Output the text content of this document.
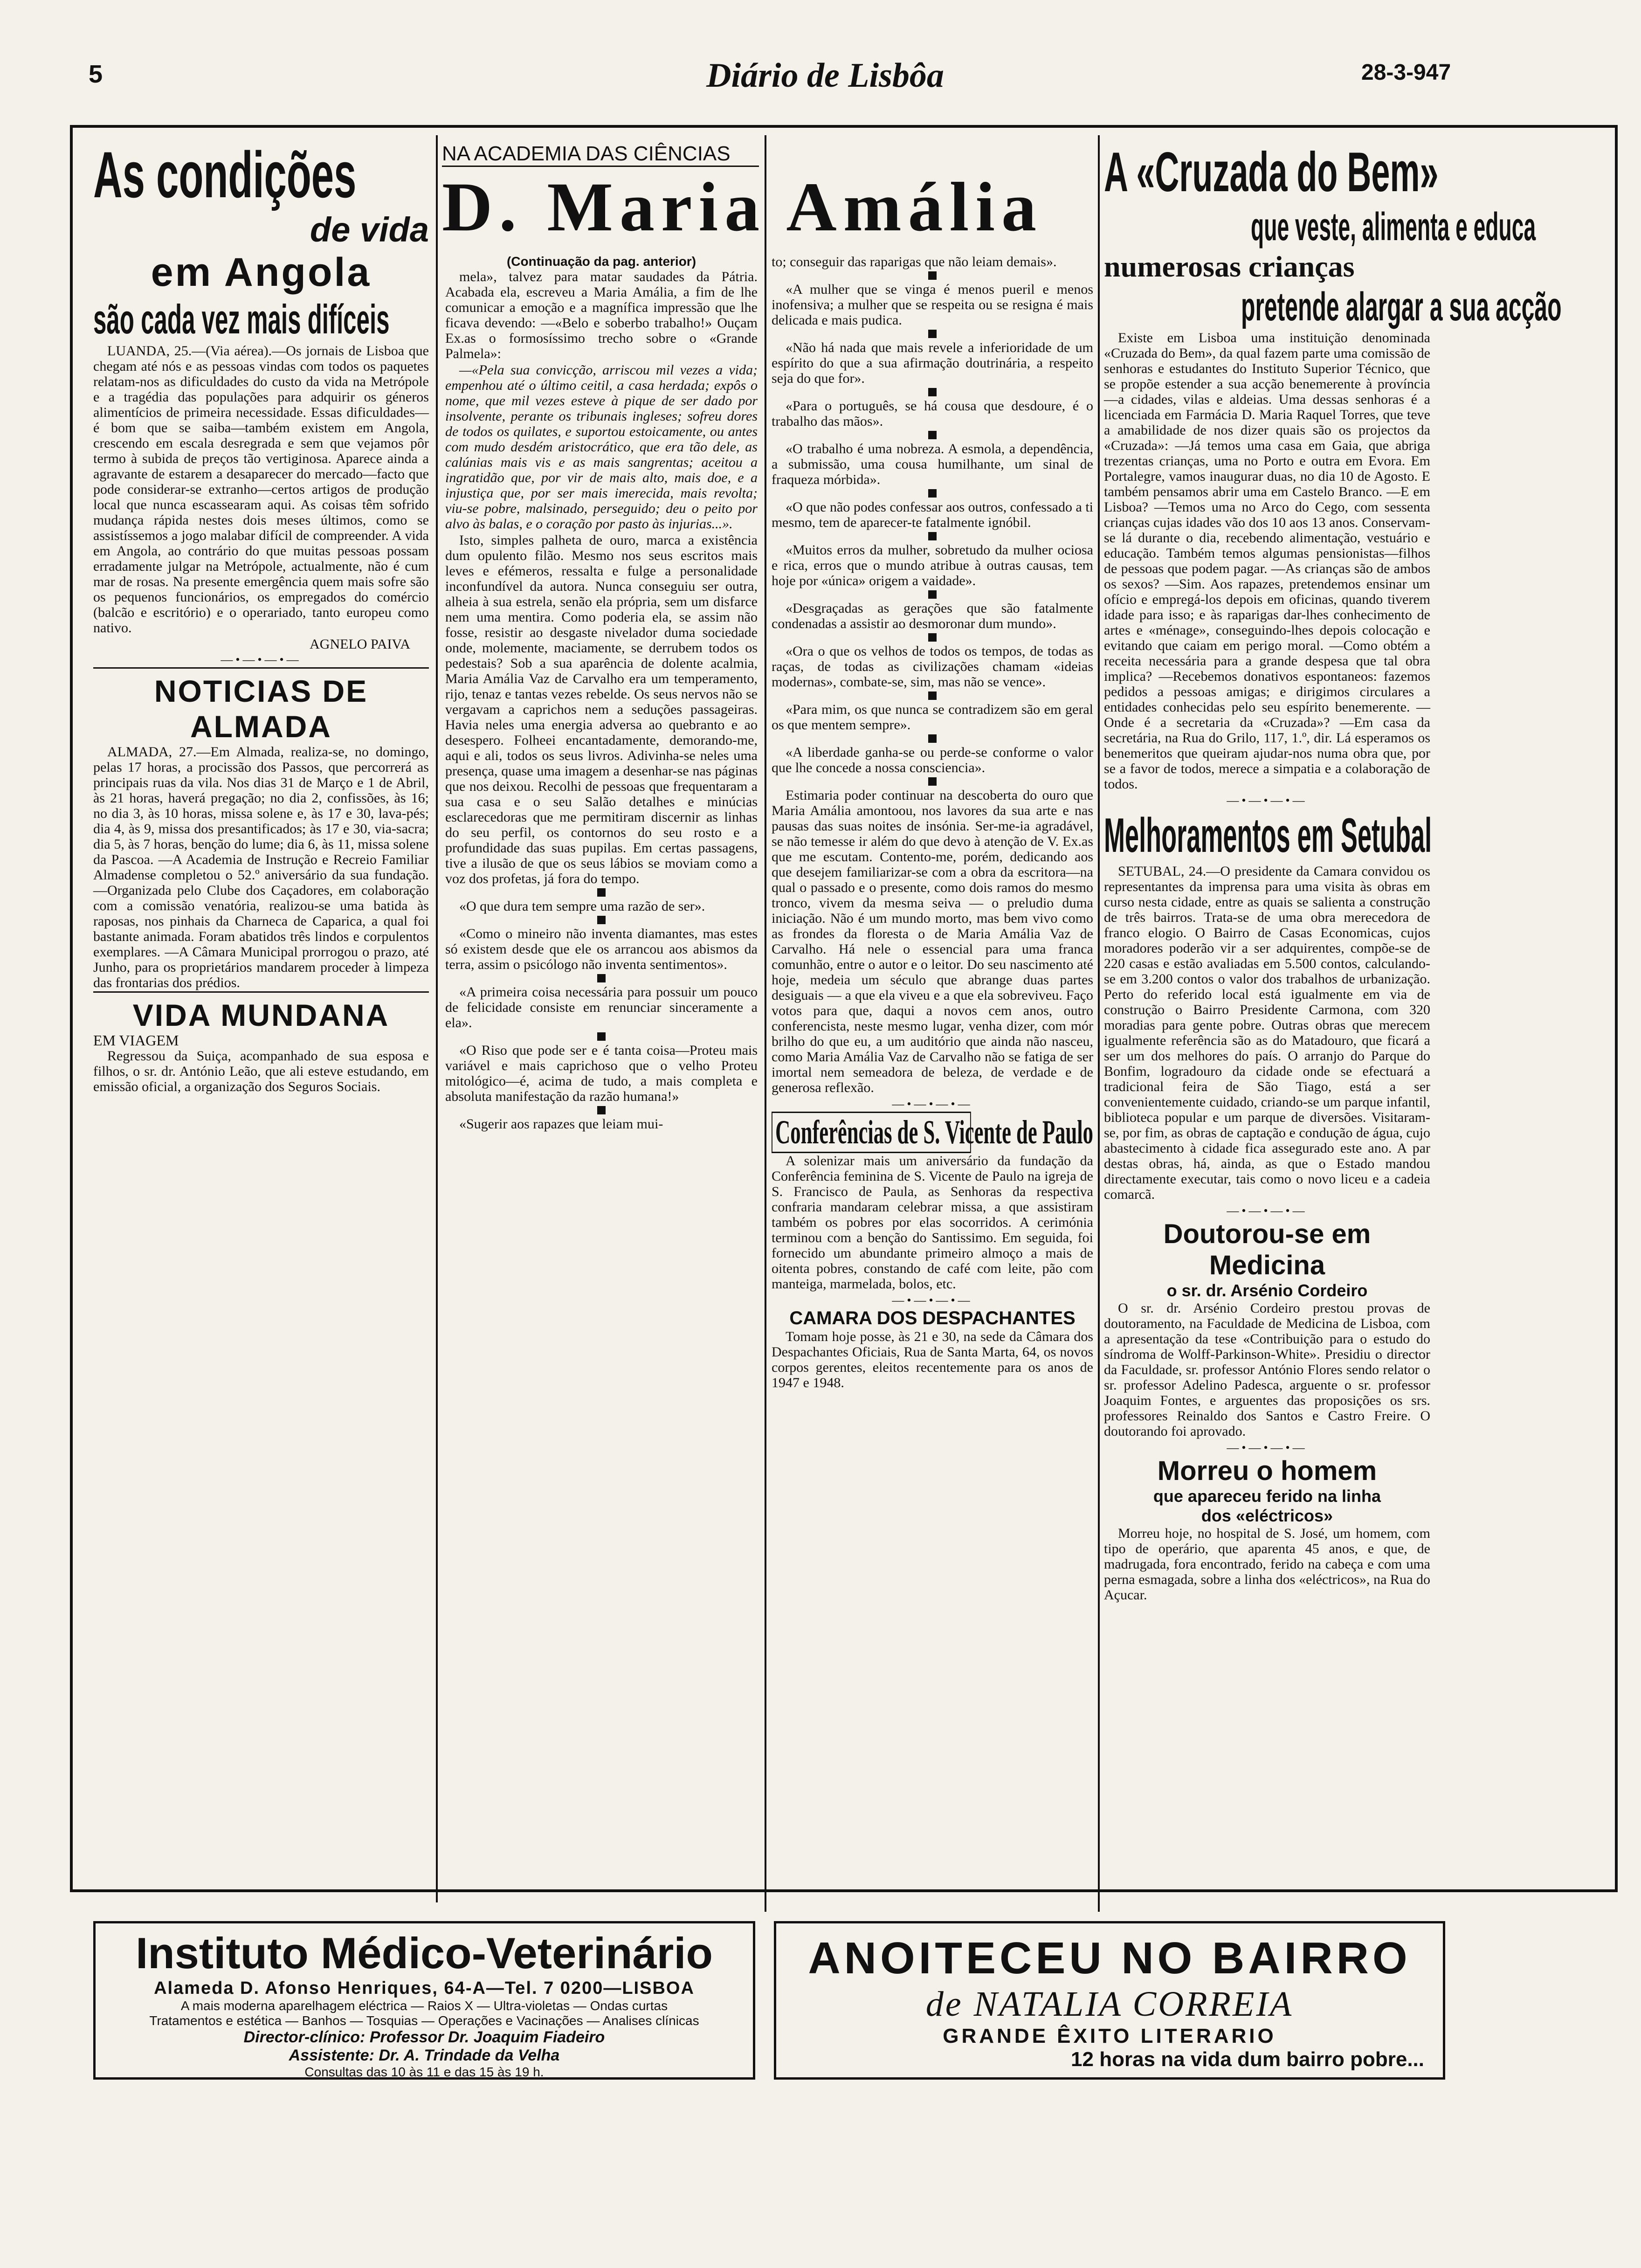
5	Diário de Lisbôa	28-3-947
As condições
de vida
em Angola
são cada vez mais difíceis

LUANDA, 25.—(Via aérea).—Os jornais de Lisboa que chegam até nós e as pessoas vindas com todos os paquetes relatam-nos as dificuldades do custo da vida na Metrópole e a tragédia das populações para adquirir os géneros alimentícios de primeira necessidade. Essas dificuldades—é bom que se saiba—também existem em Angola, crescendo em escala desregrada e sem que vejamos pôr termo à subida de preços tão vertiginosa. Aparece ainda a agravante de estarem a desaparecer do mercado—facto que pode considerar-se extranho—certos artigos de produção local que nunca escassearam aqui. As coisas têm sofrido mudança rápida nestes dois meses últimos, como se assistíssemos a jogo malabar difícil de compreender. A vida em Angola, ao contrário do que muitas pessoas possam erradamente julgar na Metrópole, actualmente, não é cum mar de rosas. Na presente emergência quem mais sofre são os pequenos funcionários, os empregados do comércio (balcão e escritório) e o operariado, tanto europeu como nativo.

AGNELO PAIVA
—•—•—•—
NOTICIAS DE ALMADA

ALMADA, 27.—Em Almada, realiza-se, no domingo, pelas 17 horas, a procissão dos Passos, que percorrerá as principais ruas da vila. Nos dias 31 de Março e 1 de Abril, às 21 horas, haverá pregação; no dia 2, confissões, às 16; no dia 3, às 10 horas, missa solene e, às 17 e 30, lava-pés; dia 4, às 9, missa dos presantificados; às 17 e 30, via-sacra; dia 5, às 7 horas, benção do lume; dia 6, às 11, missa solene da Pascoa. —A Academia de Instrução e Recreio Familiar Almadense completou o 52.º aniversário da sua fundação. —Organizada pelo Clube dos Caçadores, em colaboração com a comissão venatória, realizou-se uma batida às raposas, nos pinhais da Charneca de Caparica, a qual foi bastante animada. Foram abatidos três lindos e corpulentos exemplares. —A Câmara Municipal prorrogou o prazo, até Junho, para os proprietários mandarem proceder à limpeza das frontarias dos prédios.

VIDA MUNDANA
EM VIAGEM

Regressou da Suiça, acompanhado de sua esposa e filhos, o sr. dr. António Leão, que ali esteve estudando, em emissão oficial, a organização dos Seguros Sociais.

NA ACADEMIA DAS CIÊNCIAS
D. Maria Amália
(Continuação da pag. anterior)

mela», talvez para matar saudades da Pátria. Acabada ela, escreveu a Maria Amália, a fim de lhe comunicar a emoção e a magnífica impressão que lhe ficava devendo: —«Belo e soberbo trabalho!» Ouçam Ex.as o formosíssimo trecho sobre o «Grande Palmela»:

—«Pela sua convicção, arriscou mil vezes a vida; empenhou até o último ceitil, a casa herdada; expôs o nome, que mil vezes esteve à pique de ser dado por insolvente, perante os tribunais ingleses; sofreu dores de todos os quilates, e suportou estoicamente, ou antes com mudo desdém aristocrático, que era tão dele, as calúnias mais vis e as mais sangrentas; aceitou a ingratidão que, por vir de mais alto, mais doe, e a injustiça que, por ser mais imerecida, mais revolta; viu-se pobre, malsinado, perseguido; deu o peito por alvo às balas, e o coração por pasto às injurias...».

Isto, simples palheta de ouro, marca a existência dum opulento filão. Mesmo nos seus escritos mais leves e efémeros, ressalta e fulge a personalidade inconfundível da autora. Nunca conseguiu ser outra, alheia à sua estrela, senão ela própria, sem um disfarce nem uma mentira. Como poderia ela, se assim não fosse, resistir ao desgaste nivelador duma sociedade onde, molemente, maciamente, se derrubem todos os pedestais? Sob a sua aparência de dolente acalmia, Maria Amália Vaz de Carvalho era um temperamento, rijo, tenaz e tantas vezes rebelde. Os seus nervos não se vergavam a caprichos nem a seduções passageiras. Havia neles uma energia adversa ao quebranto e ao desespero. Folheei encantadamente, demorando-me, aqui e ali, todos os seus livros. Adivinha-se neles uma presença, quase uma imagem a desenhar-se nas páginas que nos deixou. Recolhi de pessoas que frequentaram a sua casa e o seu Salão detalhes e minúcias esclarecedoras que me permitiram discernir as linhas do seu perfil, os contornos do seu rosto e a profundidade das suas pupilas. Em certas passagens, tive a ilusão de que os seus lábios se moviam como a voz dos profetas, já fora do tempo.

«O que dura tem sempre uma razão de ser».

«Como o mineiro não inventa diamantes, mas estes só existem desde que ele os arrancou aos abismos da terra, assim o psicólogo não inventa sentimentos».

«A primeira coisa necessária para possuir um pouco de felicidade consiste em renunciar sinceramente a ela».

«O Riso que pode ser e é tanta coisa—Proteu mais variável e mais caprichoso que o velho Proteu mitológico—é, acima de tudo, a mais completa e absoluta manifestação da razão humana!»

«Sugerir aos rapazes que leiam mui-

to; conseguir das raparigas que não leiam demais».

«A mulher que se vinga é menos pueril e menos inofensiva; a mulher que se respeita ou se resigna é mais delicada e mais pudica.

«Não há nada que mais revele a inferioridade de um espírito do que a sua afirmação doutrinária, a respeito seja do que for».

«Para o português, se há cousa que desdoure, é o trabalho das mãos».

«O trabalho é uma nobreza. A esmola, a dependência, a submissão, uma cousa humilhante, um sinal de fraqueza mórbida».

«O que não podes confessar aos outros, confessado a ti mesmo, tem de aparecer-te fatalmente ignóbil.

«Muitos erros da mulher, sobretudo da mulher ociosa e rica, erros que o mundo atribue à outras causas, tem hoje por «única» origem a vaidade».

«Desgraçadas as gerações que são fatalmente condenadas a assistir ao desmoronar dum mundo».

«Ora o que os velhos de todos os tempos, de todas as raças, de todas as civilizações chamam «ideias modernas», combate-se, sim, mas não se vence».

«Para mim, os que nunca se contradizem são em geral os que mentem sempre».

«A liberdade ganha-se ou perde-se conforme o valor que lhe concede a nossa consciencia».

Estimaria poder continuar na descoberta do ouro que Maria Amália amontoou, nos lavores da sua arte e nas pausas das suas noites de insónia. Ser-me-ia agradável, se não temesse ir além do que devo à atenção de V. Ex.as que me escutam. Contento-me, porém, dedicando aos que desejem familiarizar-se com a obra da escritora—na qual o passado e o presente, como dois ramos do mesmo tronco, vivem da mesma seiva — o preludio duma iniciação. Não é um mundo morto, mas bem vivo como as frondes da floresta o de Maria Amália Vaz de Carvalho. Há nele o essencial para uma franca comunhão, entre o autor e o leitor. Do seu nascimento até hoje, medeia um século que abrange duas partes desiguais — a que ela viveu e a que ela sobreviveu. Faço votos para que, daqui a novos cem anos, outro conferencista, neste mesmo lugar, venha dizer, com mór brilho do que eu, a um auditório que ainda não nasceu, como Maria Amália Vaz de Carvalho não se fatiga de ser imortal nem semeadora de beleza, de verdade e de generosa reflexão.

—•—•—•—
Conferências de S. Vicente de Paulo

A solenizar mais um aniversário da fundação da Conferência feminina de S. Vicente de Paulo na igreja de S. Francisco de Paula, as Senhoras da respectiva confraria mandaram celebrar missa, a que assistiram também os pobres por elas socorridos. A cerimónia terminou com a benção do Santissimo. Em seguida, foi fornecido um abundante primeiro almoço a mais de oitenta pobres, constando de café com leite, pão com manteiga, marmelada, bolos, etc.

—•—•—•—
CAMARA DOS DESPACHANTES

Tomam hoje posse, às 21 e 30, na sede da Câmara dos Despachantes Oficiais, Rua de Santa Marta, 64, os novos corpos gerentes, eleitos recentemente para os anos de 1947 e 1948.

A «Cruzada do Bem»
que veste, alimenta e educa
numerosas crianças
pretende alargar a sua acção

Existe em Lisboa uma instituição denominada «Cruzada do Bem», da qual fazem parte uma comissão de senhoras e estudantes do Instituto Superior Técnico, que se propõe estender a sua acção benemerente à província —a cidades, vilas e aldeias. Uma dessas senhoras é a licenciada em Farmácia D. Maria Raquel Torres, que teve a amabilidade de nos dizer quais são os projectos da «Cruzada»: —Já temos uma casa em Gaia, que abriga trezentas crianças, uma no Porto e outra em Evora. Em Portalegre, vamos inaugurar duas, no dia 10 de Agosto. E também pensamos abrir uma em Castelo Branco. —E em Lisboa? —Temos uma no Arco do Cego, com sessenta crianças cujas idades vão dos 10 aos 13 anos. Conservam-se lá durante o dia, recebendo alimentação, vestuário e educação. Também temos algumas pensionistas—filhos de pessoas que podem pagar. —As crianças são de ambos os sexos? —Sim. Aos rapazes, pretendemos ensinar um ofício e empregá-los depois em oficinas, quando tiverem idade para isso; e às raparigas dar-lhes conhecimento de artes e «ménage», conseguindo-lhes depois colocação e evitando que caiam em perigo moral. —Como obtém a receita necessária para a grande despesa que tal obra implica? —Recebemos donativos espontaneos: fazemos pedidos a pessoas amigas; e dirigimos circulares a entidades conhecidas pelo seu espírito benemerente. —Onde é a secretaria da «Cruzada»? —Em casa da secretária, na Rua do Grilo, 117, 1.º, dir. Lá esperamos os benemeritos que queiram ajudar-nos numa obra que, por se a favor de todos, merece a simpatia e a colaboração de todos.

—•—•—•—
Melhoramentos em Setubal

SETUBAL, 24.—O presidente da Camara convidou os representantes da imprensa para uma visita às obras em curso nesta cidade, entre as quais se salienta a construção de três bairros. Trata-se de uma obra merecedora de franco elogio. O Bairro de Casas Economicas, cujos moradores poderão vir a ser adquirentes, compõe-se de 220 casas e estão avaliadas em 5.500 contos, calculando-se em 3.200 contos o valor dos trabalhos de urbanização. Perto do referido local está igualmente em via de construção o Bairro Presidente Carmona, com 320 moradias para gente pobre. Outras obras que merecem igualmente referência são as do Matadouro, que ficará a ser um dos melhores do país. O arranjo do Parque do Bonfim, logradouro da cidade onde se efectuará a tradicional feira de São Tiago, está a ser convenientemente cuidado, criando-se um parque infantil, biblioteca popular e um parque de diversões. Visitaram-se, por fim, as obras de captação e condução de água, cujo abastecimento à cidade fica assegurado este ano. A par destas obras, há, ainda, as que o Estado mandou directamente executar, tais como o novo liceu e a cadeia comarcã.

—•—•—•—
Doutorou-se em Medicina
o sr. dr. Arsénio Cordeiro

O sr. dr. Arsénio Cordeiro prestou provas de doutoramento, na Faculdade de Medicina de Lisboa, com a apresentação da tese «Contribuição para o estudo do síndroma de Wolff-Parkinson-White». Presidiu o director da Faculdade, sr. professor António Flores sendo relator o sr. professor Adelino Padesca, arguente o sr. professor Joaquim Fontes, e arguentes das proposições os srs. professores Reinaldo dos Santos e Castro Freire. O doutorando foi aprovado.

—•—•—•—
Morreu o homem
que apareceu ferido na linha
dos «eléctricos»

Morreu hoje, no hospital de S. José, um homem, com tipo de operário, que aparenta 45 anos, e que, de madrugada, fora encontrado, ferido na cabeça e com uma perna esmagada, sobre a linha dos «eléctricos», na Rua do Açucar.

Instituto Médico-Veterinário
Alameda D. Afonso Henriques, 64-A—Tel. 7 0200—LISBOA
A mais moderna aparelhagem eléctrica — Raios X — Ultra-violetas — Ondas curtas
Tratamentos e estética — Banhos — Tosquias — Operações e Vacinações — Analises clínicas
Director-clínico: Professor Dr. Joaquim Fiadeiro
Assistente: Dr. A. Trindade da Velha
Consultas das 10 às 11 e das 15 às 19 h.
ANOITECEU NO BAIRRO
de NATALIA CORREIA
GRANDE ÊXITO LITERARIO
12 horas na vida dum bairro pobre...
